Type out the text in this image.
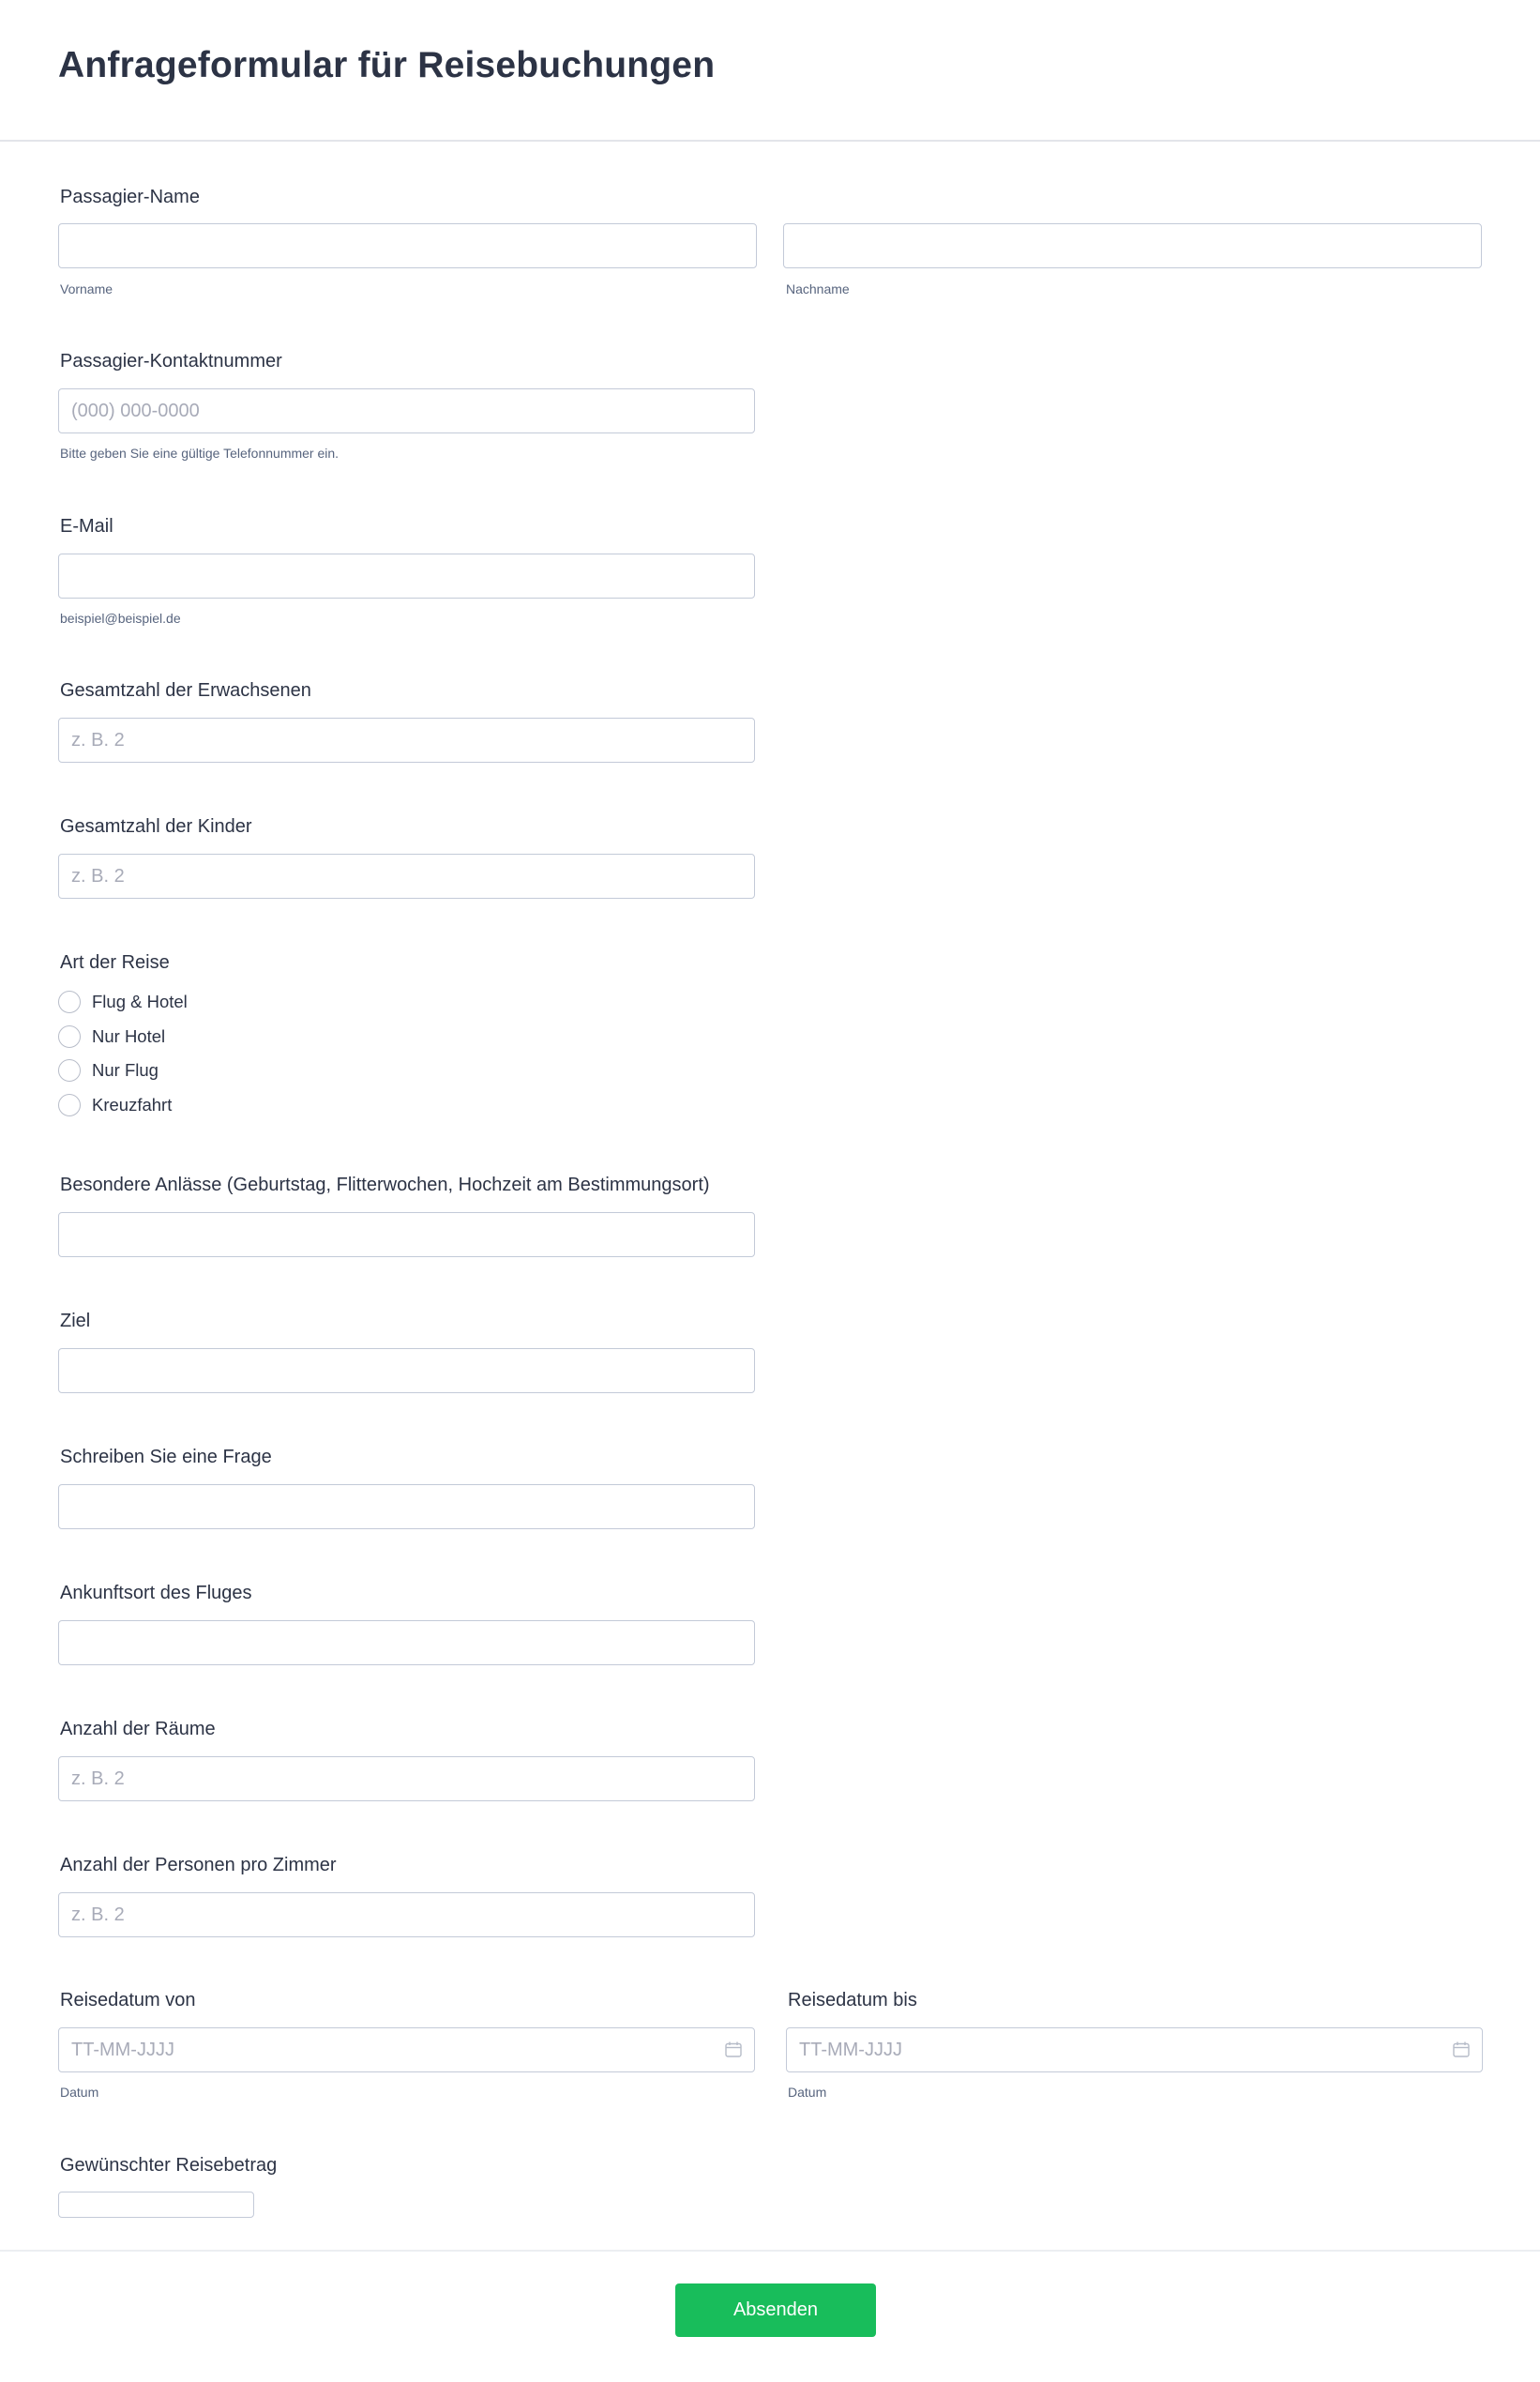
Anfrageformular für Reisebuchungen
Passagier-Name
Vorname	Nachname
Passagier-Kontaktnummer
(000) 000-0000
Bitte geben Sie eine gültige Telefonnummer ein.
E-Mail
beispiel@beispiel.de
Gesamtzahl der Erwachsenen
z. B. 2
Gesamtzahl der Kinder
z. B. 2
Art der Reise
Flug & Hotel
Nur Hotel
Nur Flug
Kreuzfahrt
Besondere Anlässe (Geburtstag, Flitterwochen, Hochzeit am Bestimmungsort)
Ziel
Schreiben Sie eine Frage
Ankunftsort des Fluges
Anzahl der Räume
z. B. 2
Anzahl der Personen pro Zimmer
z. B. 2
Reisedatum von
TT-MM-JJJJ
Datum
Reisedatum bis
TT-MM-JJJJ
Datum
Gewünschter Reisebetrag
Absenden
